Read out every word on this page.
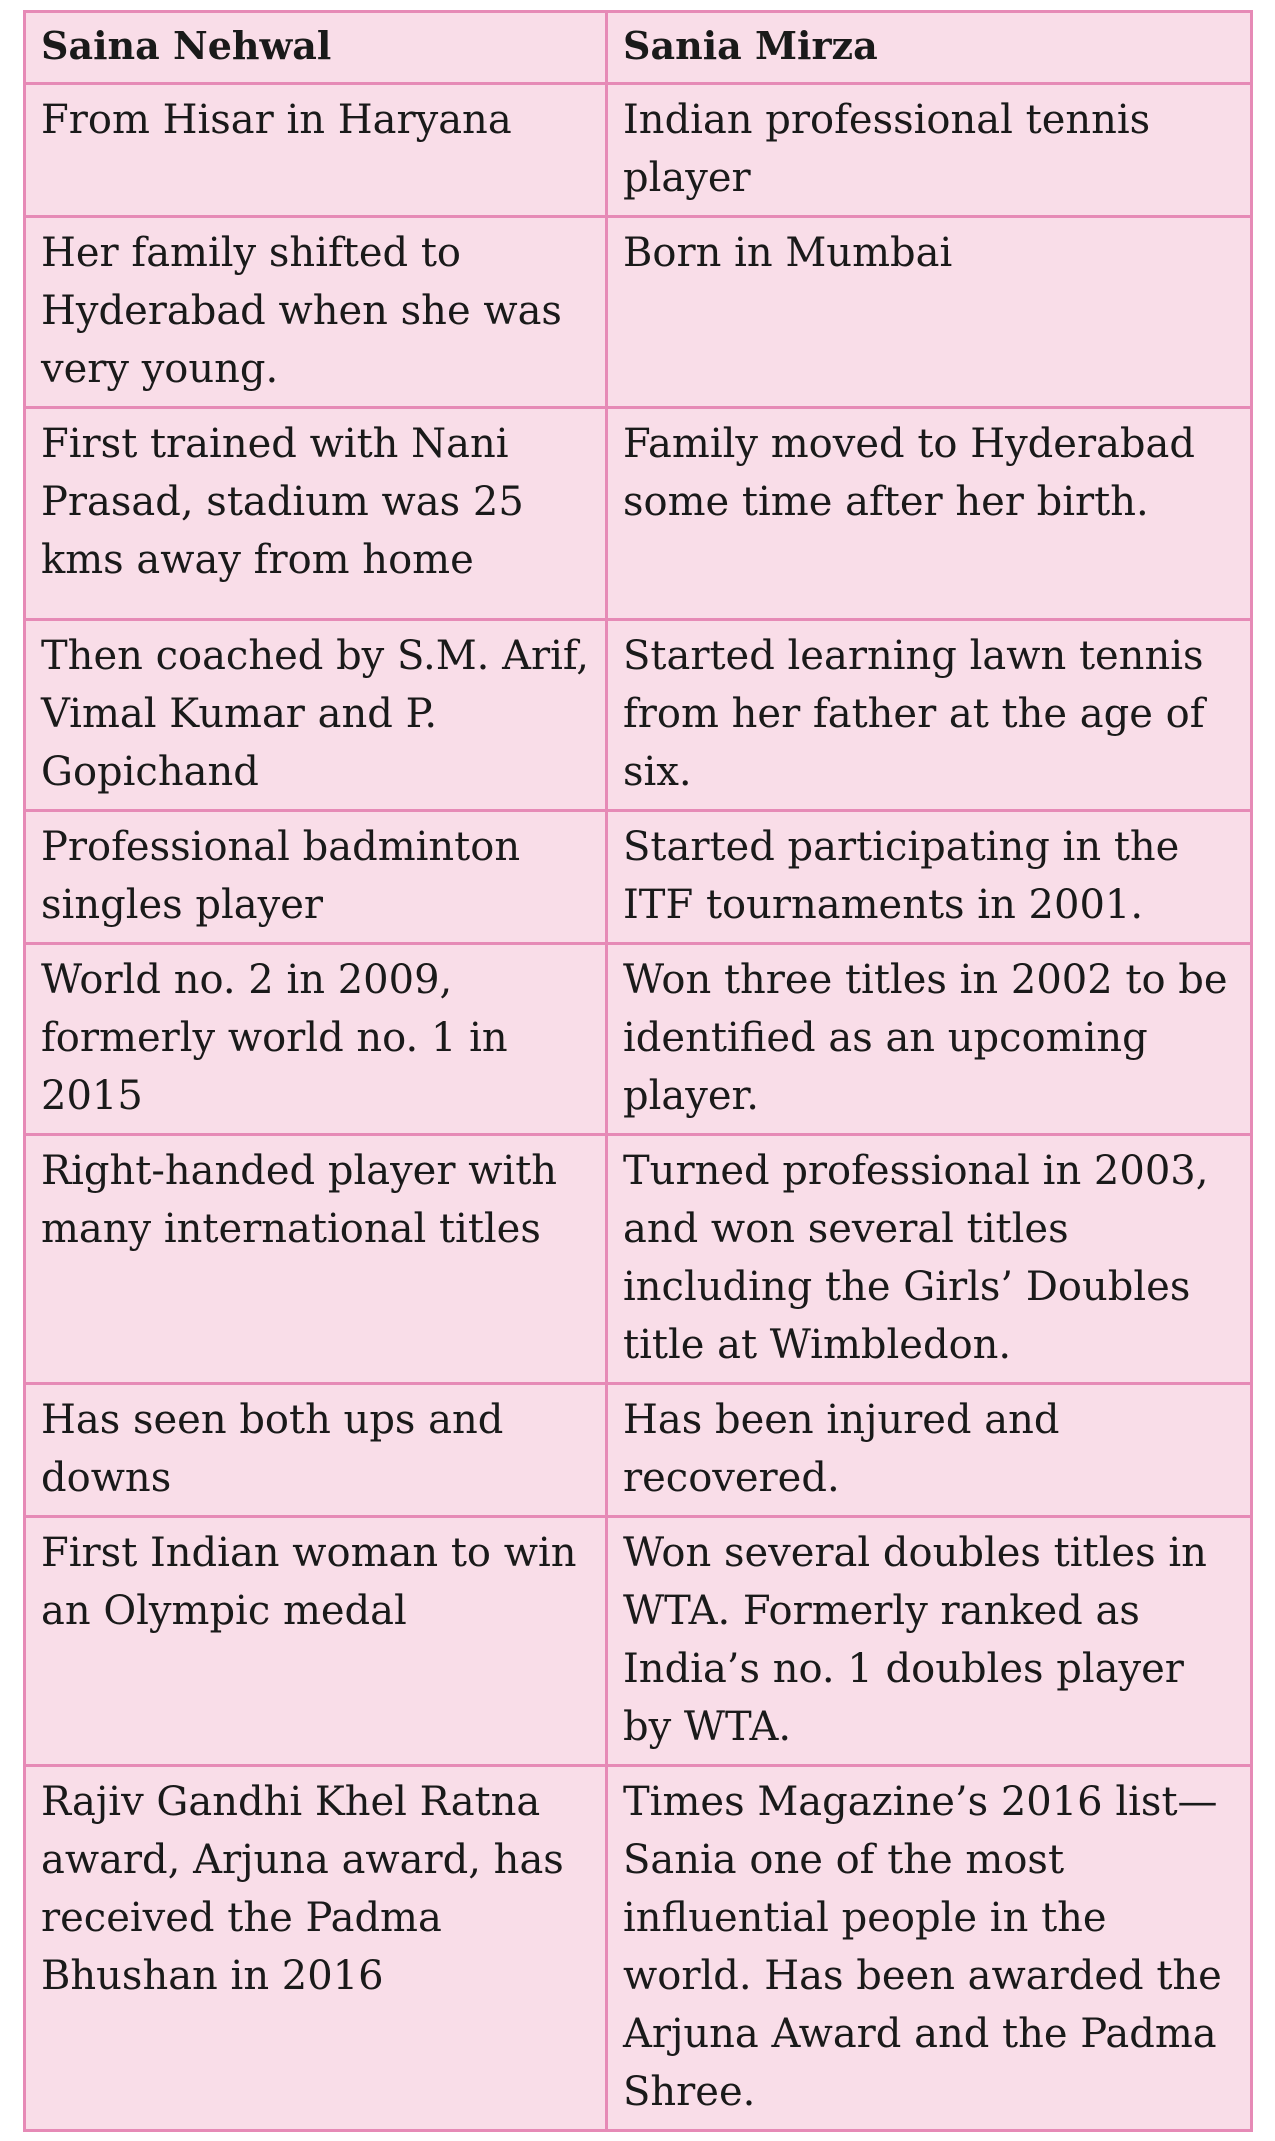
Saina Nehwal	Sania Mirza
From Hisar in Haryana	Indian professional tennis player
Her family shifted to Hyderabad when she was very young.	Born in Mumbai
First trained with Nani Prasad, stadium was 25 kms away from home	Family moved to Hyderabad some time after her birth.
Then coached by S.M. Arif, Vimal Kumar and P. Gopichand	Started learning lawn tennis from her father at the age of six.
Professional badminton singles player	Started participating in the ITF tournaments in 2001.
World no. 2 in 2009, formerly world no. 1 in 2015	Won three titles in 2002 to be identified as an upcoming player.
Right-handed player with many international titles	Turned professional in 2003, and won several titles including the Girls’ Doubles title at Wimbledon.
Has seen both ups and downs	Has been injured and recovered.
First Indian woman to win an Olympic medal	Won several doubles titles in WTA. Formerly ranked as India’s no. 1 doubles player by WTA.
Rajiv Gandhi Khel Ratna award, Arjuna award, has received the Padma Bhushan in 2016	Times Magazine’s 2016 list—Sania one of the most influential people in the world. Has been awarded the Arjuna Award and the Padma Shree.
